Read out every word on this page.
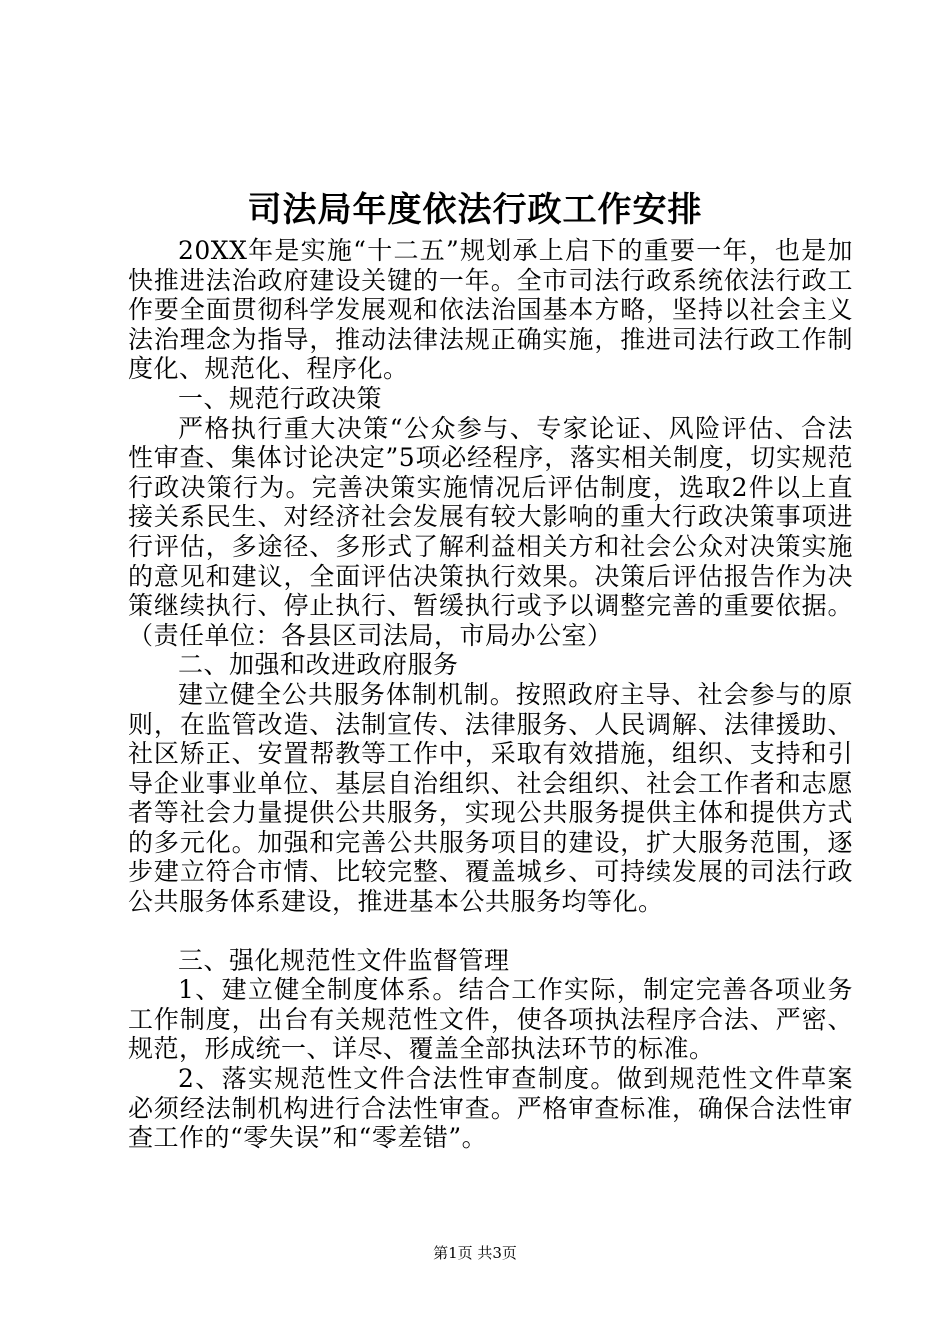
司法局年度依法行政工作安排

20XX年是实施“十二五”规划承上启下的重要一年，也是加快推进法治政府建设关键的一年。全市司法行政系统依法行政工作要全面贯彻科学发展观和依法治国基本方略，坚持以社会主义法治理念为指导，推动法律法规正确实施，推进司法行政工作制度化、规范化、程序化。

一、规范行政决策

严格执行重大决策“公众参与、专家论证、风险评估、合法性审查、集体讨论决定”5项必经程序，落实相关制度，切实规范行政决策行为。完善决策实施情况后评估制度，选取2件以上直接关系民生、对经济社会发展有较大影响的重大行政决策事项进行评估，多途径、多形式了解利益相关方和社会公众对决策实施的意见和建议，全面评估决策执行效果。决策后评估报告作为决策继续执行、停止执行、暂缓执行或予以调整完善的重要依据。（责任单位：各县区司法局，市局办公室）

二、加强和改进政府服务

建立健全公共服务体制机制。按照政府主导、社会参与的原则，在监管改造、法制宣传、法律服务、人民调解、法律援助、社区矫正、安置帮教等工作中，采取有效措施，组织、支持和引导企业事业单位、基层自治组织、社会组织、社会工作者和志愿者等社会力量提供公共服务，实现公共服务提供主体和提供方式的多元化。加强和完善公共服务项目的建设，扩大服务范围，逐步建立符合市情、比较完整、覆盖城乡、可持续发展的司法行政公共服务体系建设，推进基本公共服务均等化。

三、强化规范性文件监督管理

1、建立健全制度体系。结合工作实际，制定完善各项业务工作制度，出台有关规范性文件，使各项执法程序合法、严密、规范，形成统一、详尽、覆盖全部执法环节的标准。

2、落实规范性文件合法性审查制度。做到规范性文件草案必须经法制机构进行合法性审查。严格审查标准，确保合法性审查工作的“零失误”和“零差错”。

第1页 共3页
